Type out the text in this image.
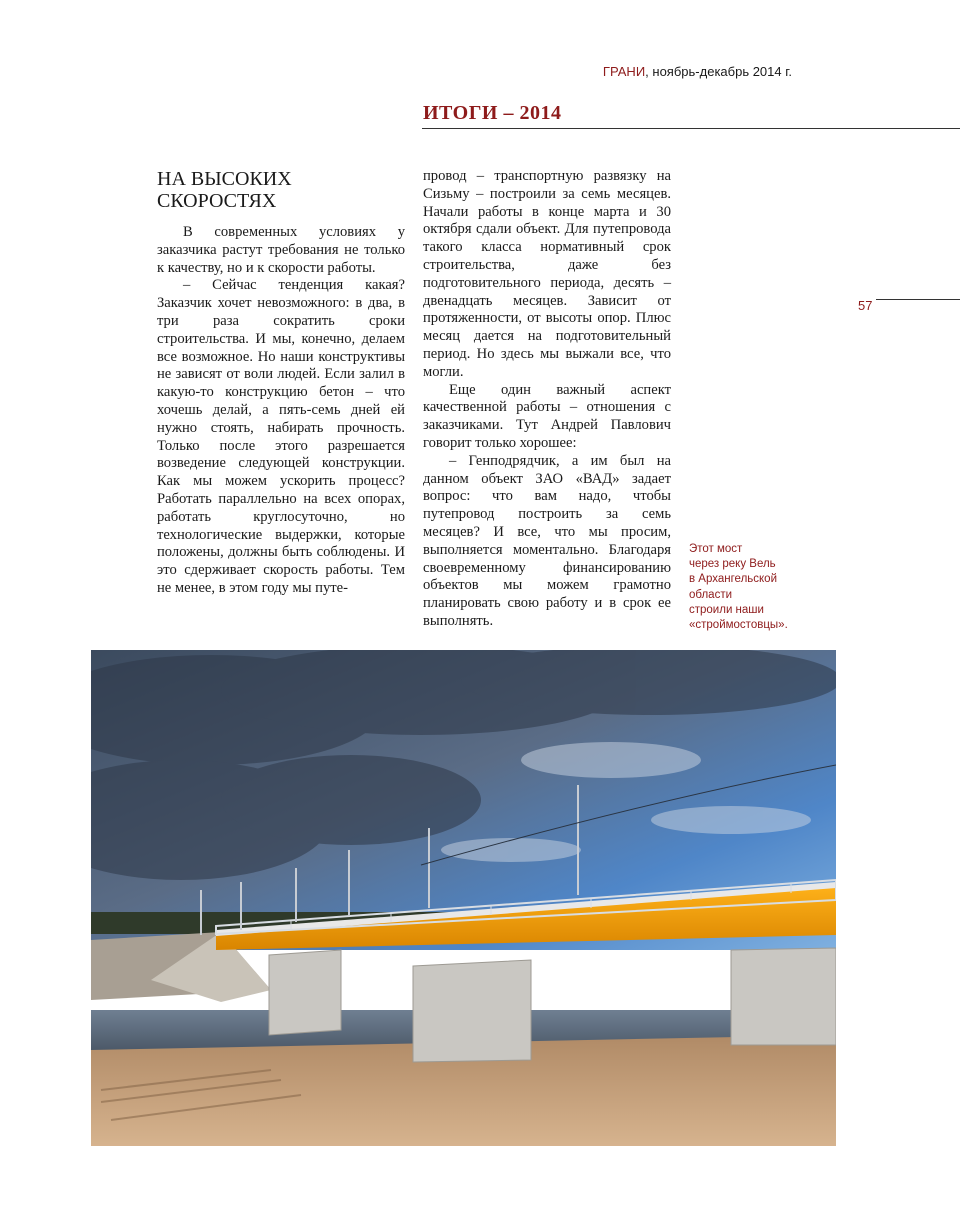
ГРАНИ, ноябрь-декабрь 2014 г.
ИТОГИ – 2014
57
НА ВЫСОКИХ
СКОРОСТЯХ

В современных условиях у заказчика растут требования не только к качеству, но и к скорости работы.

– Сейчас тенденция какая? Заказчик хочет невозможного: в два, в три раза сократить сроки строительства. И мы, конечно, делаем все возможное. Но наши конструктивы не зависят от воли людей. Если залил в какую-то конструкцию бетон – что хочешь делай, а пять-семь дней ей нужно стоять, набирать прочность. Только после этого разрешается возведение следующей конструкции. Как мы можем ускорить процесс? Работать параллельно на всех опорах, работать круглосуточно, но технологические выдержки, которые положены, должны быть соблюдены. И это сдерживает скорость работы. Тем не менее, в этом году мы путе-

провод – транспортную развязку на Сизьму – построили за семь месяцев. Начали работы в конце марта и 30 октября сдали объект. Для путепровода такого класса нормативный срок строительства, даже без подготовительного периода, десять – двенадцать месяцев. Зависит от протяженности, от высоты опор. Плюс месяц дается на подготовительный период. Но здесь мы выжали все, что могли.

Еще один важный аспект качественной работы – отношения с заказчиками. Тут Андрей Павлович говорит только хорошее:

– Генподрядчик, а им был на данном объект ЗАО «ВАД» задает вопрос: что вам надо, чтобы путепровод построить за семь месяцев? И все, что мы просим, выполняется моментально. Благодаря своевременному финансированию объектов мы можем грамотно планировать свою работу и в срок ее выполнять.

Этот мост
через реку Вель
в Архангельской
области
строили наши
«строймостовцы».
